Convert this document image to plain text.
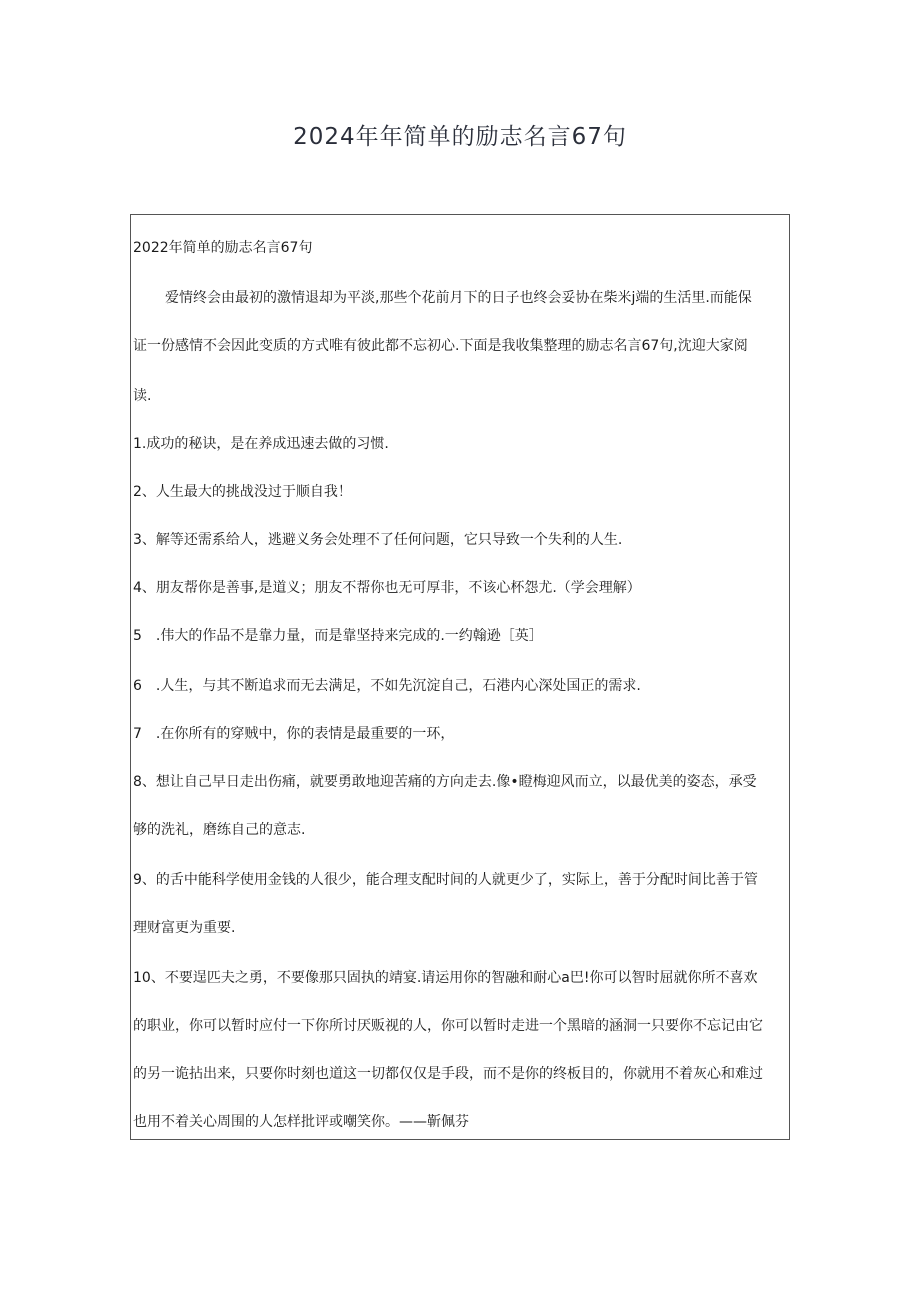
2024年年简单的励志名言67句
2022年简单的励志名言67句
爱情终会由最初的激情退却为平淡,那些个花前月下的日子也终会妥协在柴米j端的生活里.而能保
证一份感情不会因此变质的方式唯有彼此都不忘初心.下面是我收集整理的励志名言67句,沈迎大家阅
读.
1.成功的秘诀，是在养成迅速去做的习惯.
2、人生最大的挑战没过于顺自我！
3、解等还需系给人，逃避义务会处理不了任何问题，它只导致一个失利的人生.
4、朋友帮你是善事,是道义；朋友不帮你也无可厚非，不该心杯怨尤.（学会理解）
5　.伟大的作品不是靠力量，而是靠坚持来完成的.一约翰逊［英］
6　.人生，与其不断追求而无去满足，不如先沉淀自己，石港内心深处国正的需求.
7　.在你所有的穿贼中，你的表情是最重要的一环，
8、想让自己早日走出伤痛，就要勇敢地迎苦痛的方向走去.像•瞪梅迎风而立，以最优美的姿态，承受
够的洗礼，磨练自己的意志.
9、的舌中能科学使用金钱的人很少，能合理支配时间的人就更少了，实际上，善于分配时间比善于管
理财富更为重要.
10、不要逞匹夫之勇，不要像那只固执的靖宴.请运用你的智融和耐心a巴!你可以智时屈就你所不喜欢
的职业，你可以暂时应付一下你所讨厌贩视的人，你可以暂时走进一个黑暗的涵洞一只要你不忘记由它
的另一诡拈出来，只要你时刻也道这一切都仅仅是手段，而不是你的终板目的，你就用不着灰心和难过
也用不着关心周围的人怎样批评或嘲笑你。——靳佩芬
